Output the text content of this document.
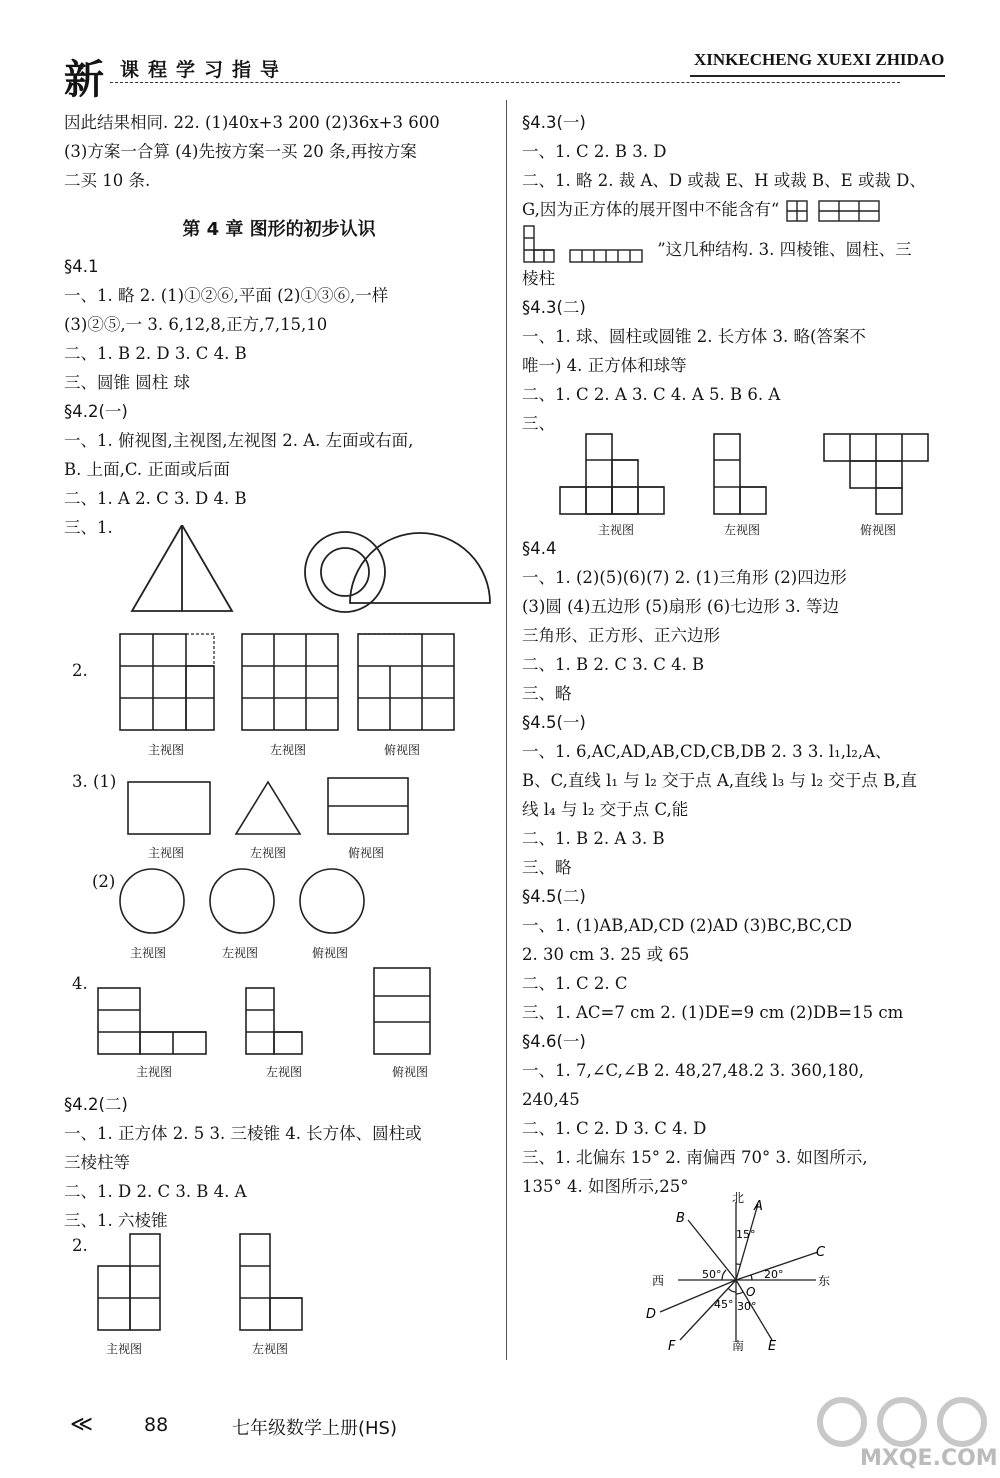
新 课程学习指导	XINKECHENG XUEXI ZHIDAO
因此结果相同. 22. (1)40x+3 200 (2)36x+3 600
(3)方案一合算 (4)先按方案一买 20 条,再按方案
二买 10 条.
第 4 章 图形的初步认识
§4.1
一、1. 略 2. (1)①②⑥,平面 (2)①③⑥,一样
(3)②⑤,一 3. 6,12,8,正方,7,15,10
二、1. B 2. D 3. C 4. B
三、圆锥 圆柱 球
§4.2(一)
一、1. 俯视图,主视图,左视图 2. A. 左面或右面,
B. 上面,C. 正面或后面
二、1. A 2. C 3. D 4. B
三、1.
2.
主视图	左视图	俯视图
3. (1)
主视图	左视图	俯视图
(2)
主视图	左视图	俯视图
4.
主视图	左视图	俯视图
§4.2(二)
一、1. 正方体 2. 5 3. 三棱锥 4. 长方体、圆柱或
三棱柱等
二、1. D 2. C 3. B 4. A
三、1. 六棱锥
2.
主视图	左视图
§4.3(一)
一、1. C 2. B 3. D
二、1. 略 2. 裁 A、D 或裁 E、H 或裁 B、E 或裁 D、
G,因为正方体的展开图中不能含有“
”这几种结构. 3. 四棱锥、圆柱、三
棱柱
§4.3(二)
一、1. 球、圆柱或圆锥 2. 长方体 3. 略(答案不
唯一) 4. 正方体和球等
二、1. C 2. A 3. C 4. A 5. B 6. A
三、
主视图	左视图	俯视图
§4.4
一、1. (2)(5)(6)(7) 2. (1)三角形 (2)四边形
(3)圆 (4)五边形 (5)扇形 (6)七边形 3. 等边
三角形、正方形、正六边形
二、1. B 2. C 3. C 4. B
三、略
§4.5(一)
一、1. 6,AC,AD,AB,CD,CB,DB 2. 3 3. l₁,l₂,A、
B、C,直线 l₁ 与 l₂ 交于点 A,直线 l₃ 与 l₂ 交于点 B,直
线 l₄ 与 l₂ 交于点 C,能
二、1. B 2. A 3. B
三、略
§4.5(二)
一、1. (1)AB,AD,CD (2)AD (3)BC,BC,CD
2. 30 cm 3. 25 或 65
二、1. C 2. C
三、1. AC=7 cm 2. (1)DE=9 cm (2)DB=15 cm
§4.6(一)
一、1. 7,∠C,∠B 2. 48,27,48.2 3. 360,180,
240,45
二、1. C 2. D 3. C 4. D
三、1. 北偏东 15° 2. 南偏西 70° 3. 如图所示,
135° 4. 如图所示,25°
北
南
东
西
A
B
C
D
E
F
O
15°
50°	20°
45° 30°
≪	88	七年级数学上册(HS)
MXQE.COM
